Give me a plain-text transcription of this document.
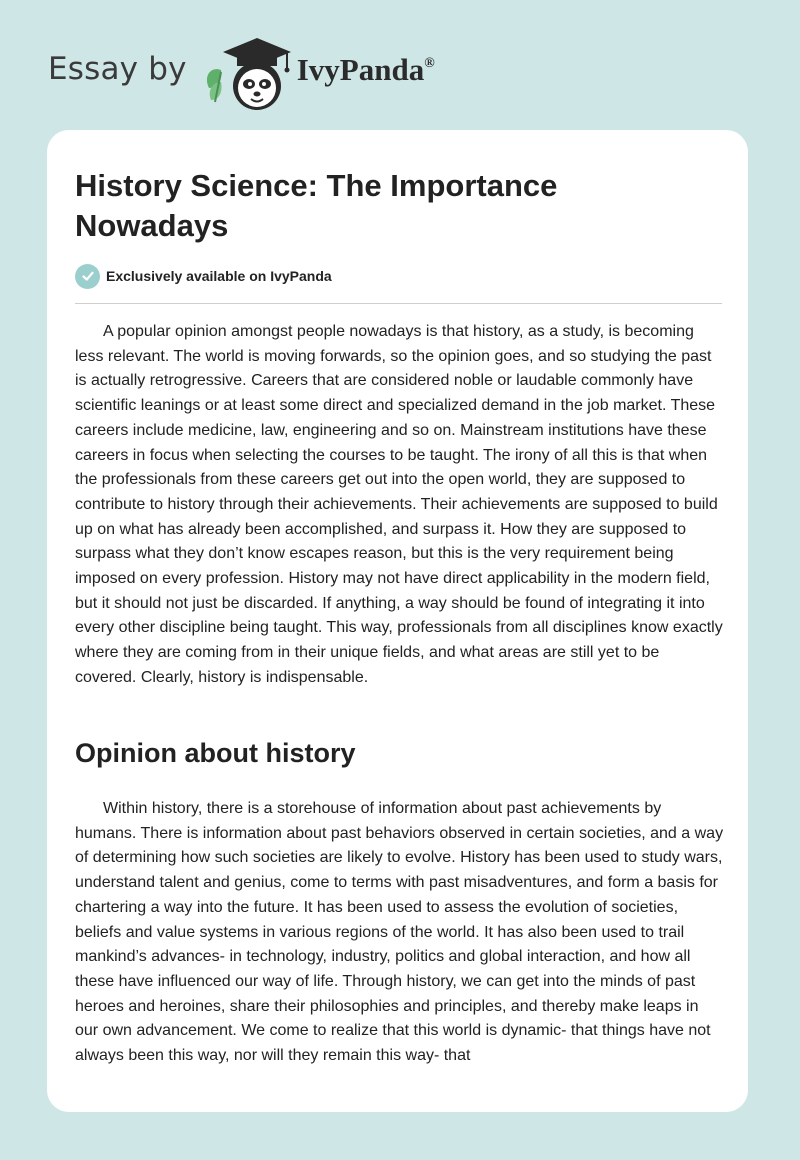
Essay by	IvyPanda®
History Science: The Importance Nowadays
Exclusively available on IvyPanda

A popular opinion amongst people nowadays is that history, as a study, is becoming less relevant. The world is moving forwards, so the opinion goes, and so studying the past is actually retrogressive. Careers that are considered noble or laudable commonly have scientific leanings or at least some direct and specialized demand in the job market. These careers include medicine, law, engineering and so on. Mainstream institutions have these careers in focus when selecting the courses to be taught. The irony of all this is that when the professionals from these careers get out into the open world, they are supposed to contribute to history through their achievements. Their achievements are supposed to build up on what has already been accomplished, and surpass it. How they are supposed to surpass what they don’t know escapes reason, but this is the very requirement being imposed on every profession. History may not have direct applicability in the modern field, but it should not just be discarded. If anything, a way should be found of integrating it into every other discipline being taught. This way, professionals from all disciplines know exactly where they are coming from in their unique fields, and what areas are still yet to be covered. Clearly, history is indispensable.

Opinion about history

Within history, there is a storehouse of information about past achievements by humans. There is information about past behaviors observed in certain societies, and a way of determining how such societies are likely to evolve. History has been used to study wars, understand talent and genius, come to terms with past misadventures, and form a basis for chartering a way into the future. It has been used to assess the evolution of societies, beliefs and value systems in various regions of the world. It has also been used to trail mankind’s advances- in technology, industry, politics and global interaction, and how all these have influenced our way of life. Through history, we can get into the minds of past heroes and heroines, share their philosophies and principles, and thereby make leaps in our own advancement. We come to realize that this world is dynamic- that things have not always been this way, nor will they remain this way- that
